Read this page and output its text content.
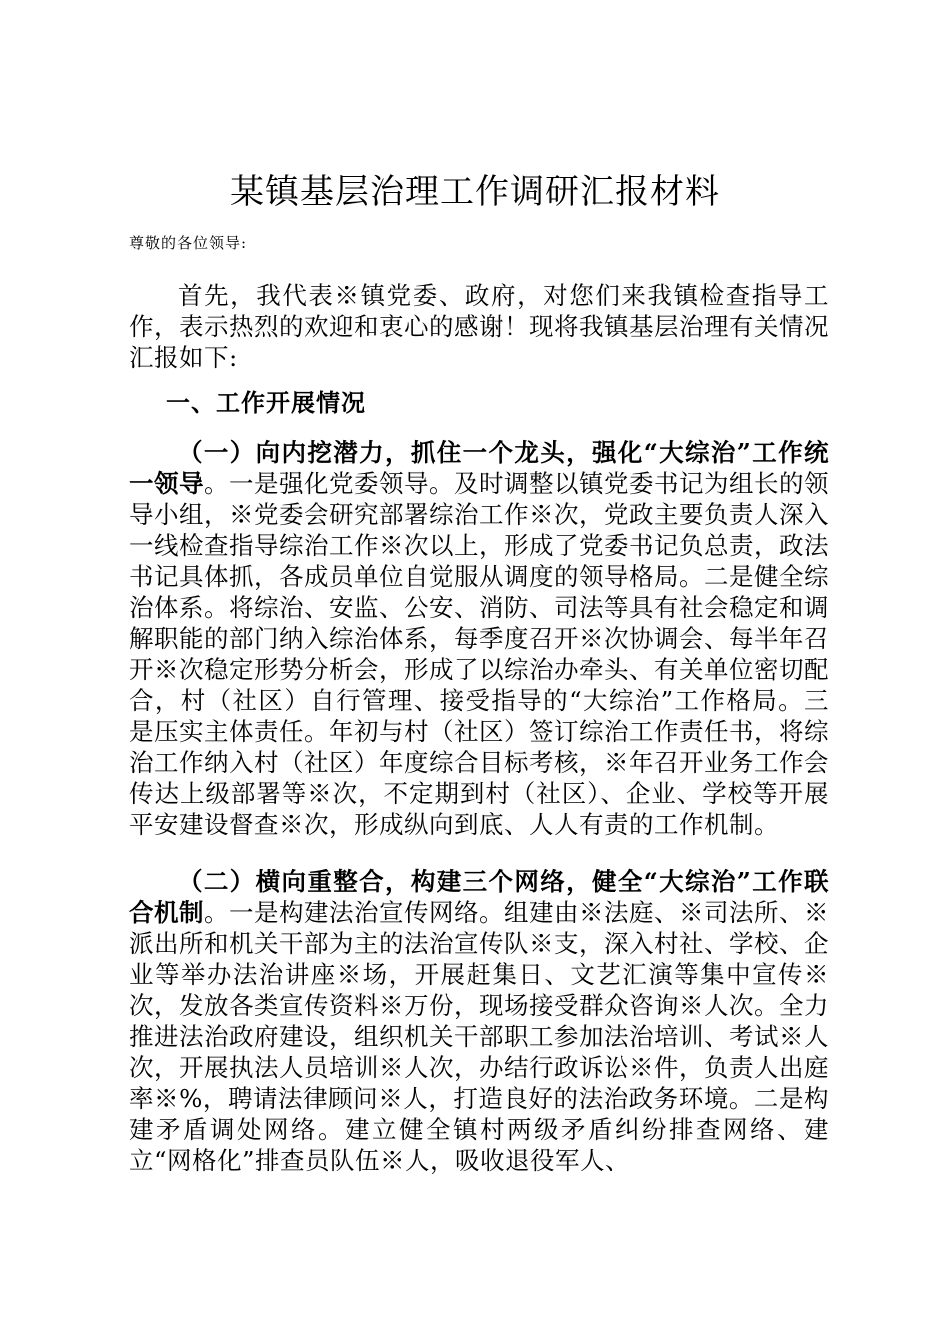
某镇基层治理工作调研汇报材料

尊敬的各位领导:

首先，我代表※镇党委、政府，对您们来我镇检查指导工作，表示热烈的欢迎和衷心的感谢！现将我镇基层治理有关情况汇报如下:

一、工作开展情况

（一）向内挖潜力，抓住一个龙头，强化“大综治”工作统一领导。一是强化党委领导。及时调整以镇党委书记为组长的领导小组，※党委会研究部署综治工作※次，党政主要负责人深入一线检查指导综治工作※次以上，形成了党委书记负总责，政法书记具体抓，各成员单位自觉服从调度的领导格局。二是健全综治体系。将综治、安监、公安、消防、司法等具有社会稳定和调解职能的部门纳入综治体系，每季度召开※次协调会、每半年召开※次稳定形势分析会，形成了以综治办牵头、有关单位密切配合，村（社区）自行管理、接受指导的“大综治”工作格局。三是压实主体责任。年初与村（社区）签订综治工作责任书，将综治工作纳入村（社区）年度综合目标考核，※年召开业务工作会传达上级部署等※次，不定期到村（社区）、企业、学校等开展平安建设督查※次，形成纵向到底、人人有责的工作机制。

（二）横向重整合，构建三个网络，健全“大综治”工作联合机制。一是构建法治宣传网络。组建由※法庭、※司法所、※派出所和机关干部为主的法治宣传队※支，深入村社、学校、企业等举办法治讲座※场，开展赶集日、文艺汇演等集中宣传※次，发放各类宣传资料※万份，现场接受群众咨询※人次。全力推进法治政府建设，组织机关干部职工参加法治培训、考试※人次，开展执法人员培训※人次，办结行政诉讼※件，负责人出庭率※%，聘请法律顾问※人，打造良好的法治政务环境。二是构建矛盾调处网络。建立健全镇村两级矛盾纠纷排查网络、建立“网格化”排查员队伍※人，吸收退役军人、
